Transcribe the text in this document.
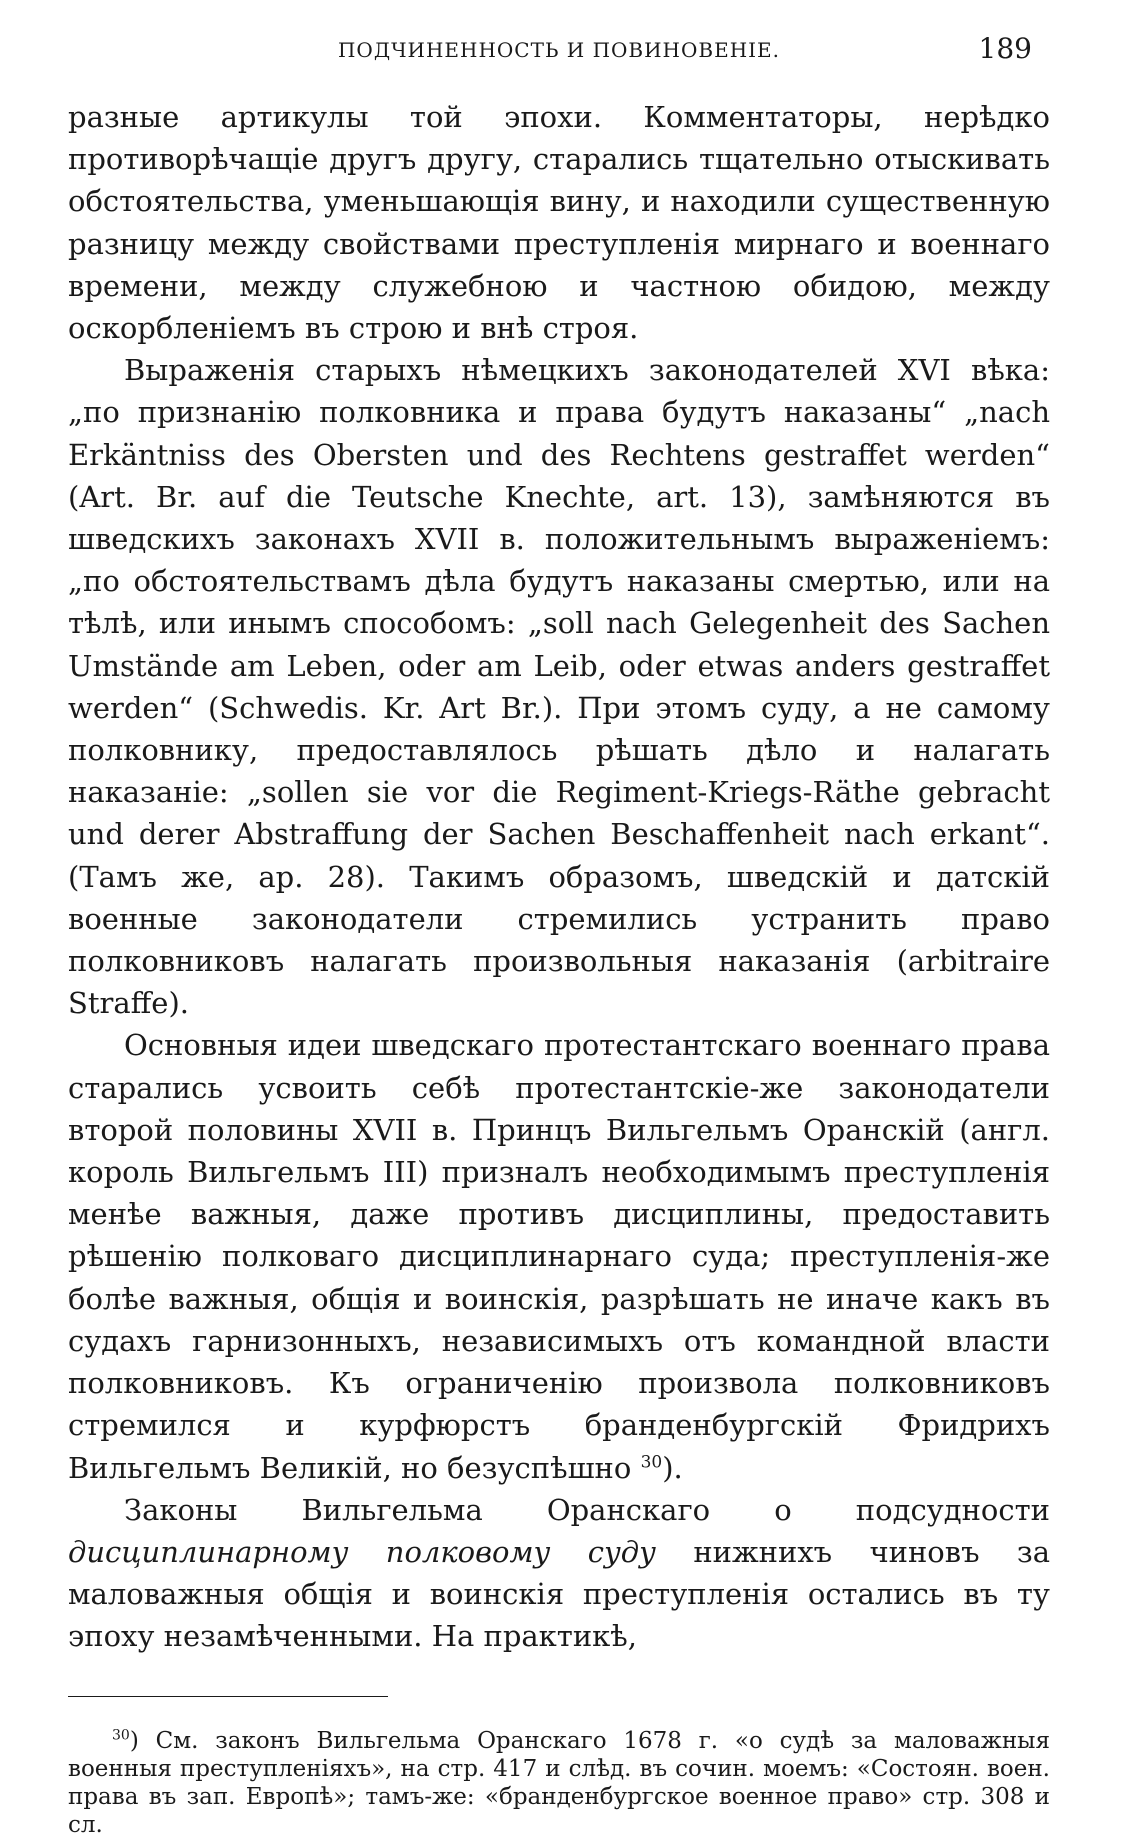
ПОДЧИНЕННОСТЬ И ПОВИНОВЕНІЕ.	189

разные артикулы той эпохи. Комментаторы, нерѣдко противорѣчащіе другъ другу, старались тщательно отыскивать обстоятельства, уменьшающія вину, и находили существенную разницу между свойствами преступленія мирнаго и военнаго времени, между служебною и частною обидою, между оскорбленіемъ въ строю и внѣ строя.

Выраженія старыхъ нѣмецкихъ законодателей XVI вѣка: „по признанію полковника и права будутъ наказаны“ „nach Erkäntniss des Obersten und des Rechtens gestraffet werden“ (Art. Br. auf die Teutsche Knechte, art. 13), замѣняются въ шведскихъ законахъ XVII в. положительнымъ выраженіемъ: „по обстоятельствамъ дѣла будутъ наказаны смертью, или на тѣлѣ, или инымъ способомъ: „soll nach Gelegenheit des Sachen Umstände am Leben, oder am Leib, oder etwas anders gestraffet werden“ (Schwedis. Kr. Art Br.). При этомъ суду, а не самому полковнику, предоставлялось рѣшать дѣло и налагать наказаніе: „sollen sie vor die Regiment-Kriegs-Räthe gebracht und derer Abstraffung der Sachen Beschaffenheit nach erkant“. (Тамъ же, ар. 28). Такимъ образомъ, шведскій и датскій военные законодатели стремились устранить право полковниковъ налагать произвольныя наказанія (arbitraire Straffe).

Основныя идеи шведскаго протестантскаго военнаго права старались усвоить себѣ протестантскіе-же законодатели второй половины XVII в. Принцъ Вильгельмъ Оранскій (англ. король Вильгельмъ III) призналъ необходимымъ преступленія менѣе важныя, даже противъ дисциплины, предоставить рѣшенію полковаго дисциплинарнаго суда; преступленія-же болѣе важныя, общія и воинскія, разрѣшать не иначе какъ въ судахъ гарнизонныхъ, независимыхъ отъ командной власти полковниковъ. Къ ограниченію произвола полковниковъ стремился и курфюрстъ бранденбургскій Фридрихъ Вильгельмъ Великій, но безуспѣшно $^{30}$).

Законы Вильгельма Оранскаго о подсудности дисциплинарному полковому суду нижнихъ чиновъ за маловажныя общія и воинскія преступленія остались въ ту эпоху незамѣченными. На практикѣ,

$^{30}$) См. законъ Вильгельма Оранскаго 1678 г. «о судѣ за маловажныя военныя преступленіяхъ», на стр. 417 и слѣд. въ сочин. моемъ: «Состоян. воен. права въ зап. Европѣ»; тамъ-же: «бранденбургское военное право» стр. 308 и сл.
